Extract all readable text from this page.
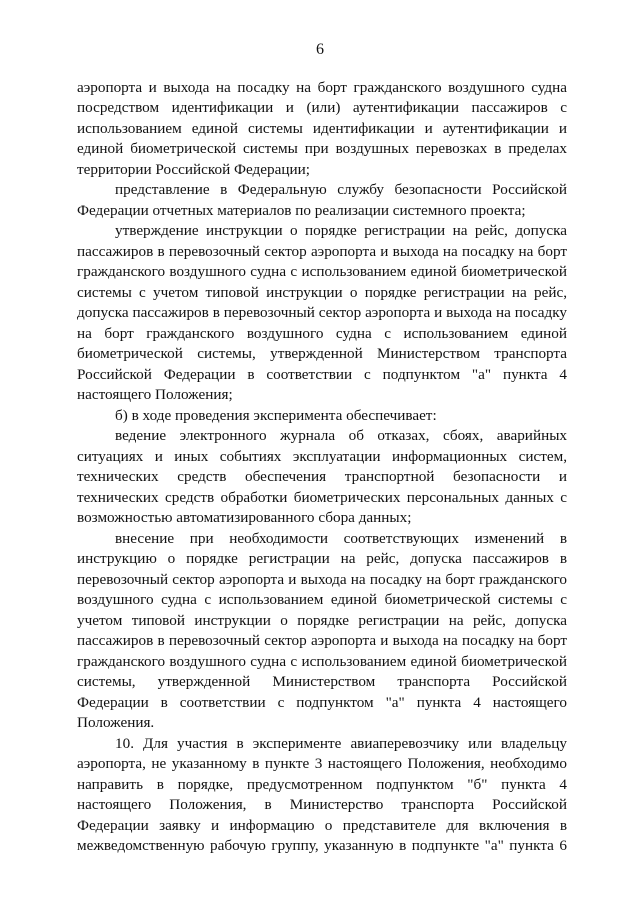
6

аэропорта и выхода на посадку на борт гражданского воздушного судна посредством идентификации и (или) аутентификации пассажиров с использованием единой системы идентификации и аутентификации и единой биометрической системы при воздушных перевозках в пределах территории Российской Федерации;

представление в Федеральную службу безопасности Российской Федерации отчетных материалов по реализации системного проекта;

утверждение инструкции о порядке регистрации на рейс, допуска пассажиров в перевозочный сектор аэропорта и выхода на посадку на борт гражданского воздушного судна с использованием единой биометрической системы с учетом типовой инструкции о порядке регистрации на рейс, допуска пассажиров в перевозочный сектор аэропорта и выхода на посадку на борт гражданского воздушного судна с использованием единой биометрической системы, утвержденной Министерством транспорта Российской Федерации в соответствии с подпунктом "а" пункта 4 настоящего Положения;

б) в ходе проведения эксперимента обеспечивает:

ведение электронного журнала об отказах, сбоях, аварийных ситуациях и иных событиях эксплуатации информационных систем, технических средств обеспечения транспортной безопасности и технических средств обработки биометрических персональных данных с возможностью автоматизированного сбора данных;

внесение при необходимости соответствующих изменений в инструкцию о порядке регистрации на рейс, допуска пассажиров в перевозочный сектор аэропорта и выхода на посадку на борт гражданского воздушного судна с использованием единой биометрической системы с учетом типовой инструкции о порядке регистрации на рейс, допуска пассажиров в перевозочный сектор аэропорта и выхода на посадку на борт гражданского воздушного судна с использованием единой биометрической системы, утвержденной Министерством транспорта Российской Федерации в соответствии с подпунктом "а" пункта 4 настоящего Положения.

10. Для участия в эксперименте авиаперевозчику или владельцу аэропорта, не указанному в пункте 3 настоящего Положения, необходимо направить в порядке, предусмотренном подпунктом "б" пункта 4 настоящего Положения, в Министерство транспорта Российской Федерации заявку и информацию о представителе для включения в межведомственную рабочую группу, указанную в подпункте "а" пункта 6
